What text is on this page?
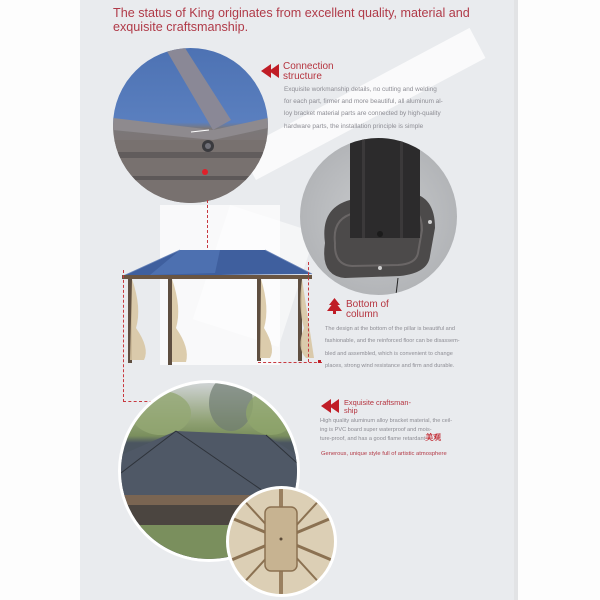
The status of King originates from excellent quality, material and exquisite craftsmanship.
Connection
structure
Exquisite workmanship details, no cutting and welding
for each part, firmer and more beautiful, all aluminum al-
loy bracket material parts are connected by high-quality
hardware parts, the installation principle is simple
Bottom of
column
The design at the bottom of the pillar is beautiful and
fashionable, and the reinforced floor can be disassem-
bled and assembled, which is convenient to change
places, strong wind resistance and firm and durable.
Exquisite craftsman-
ship
High quality aluminum alloy bracket material, the ceil-
ing is PVC board super waterproof and mois-
ture-proof, and has a good flame retardant美观
Generous, unique style full of artistic atmosphere
